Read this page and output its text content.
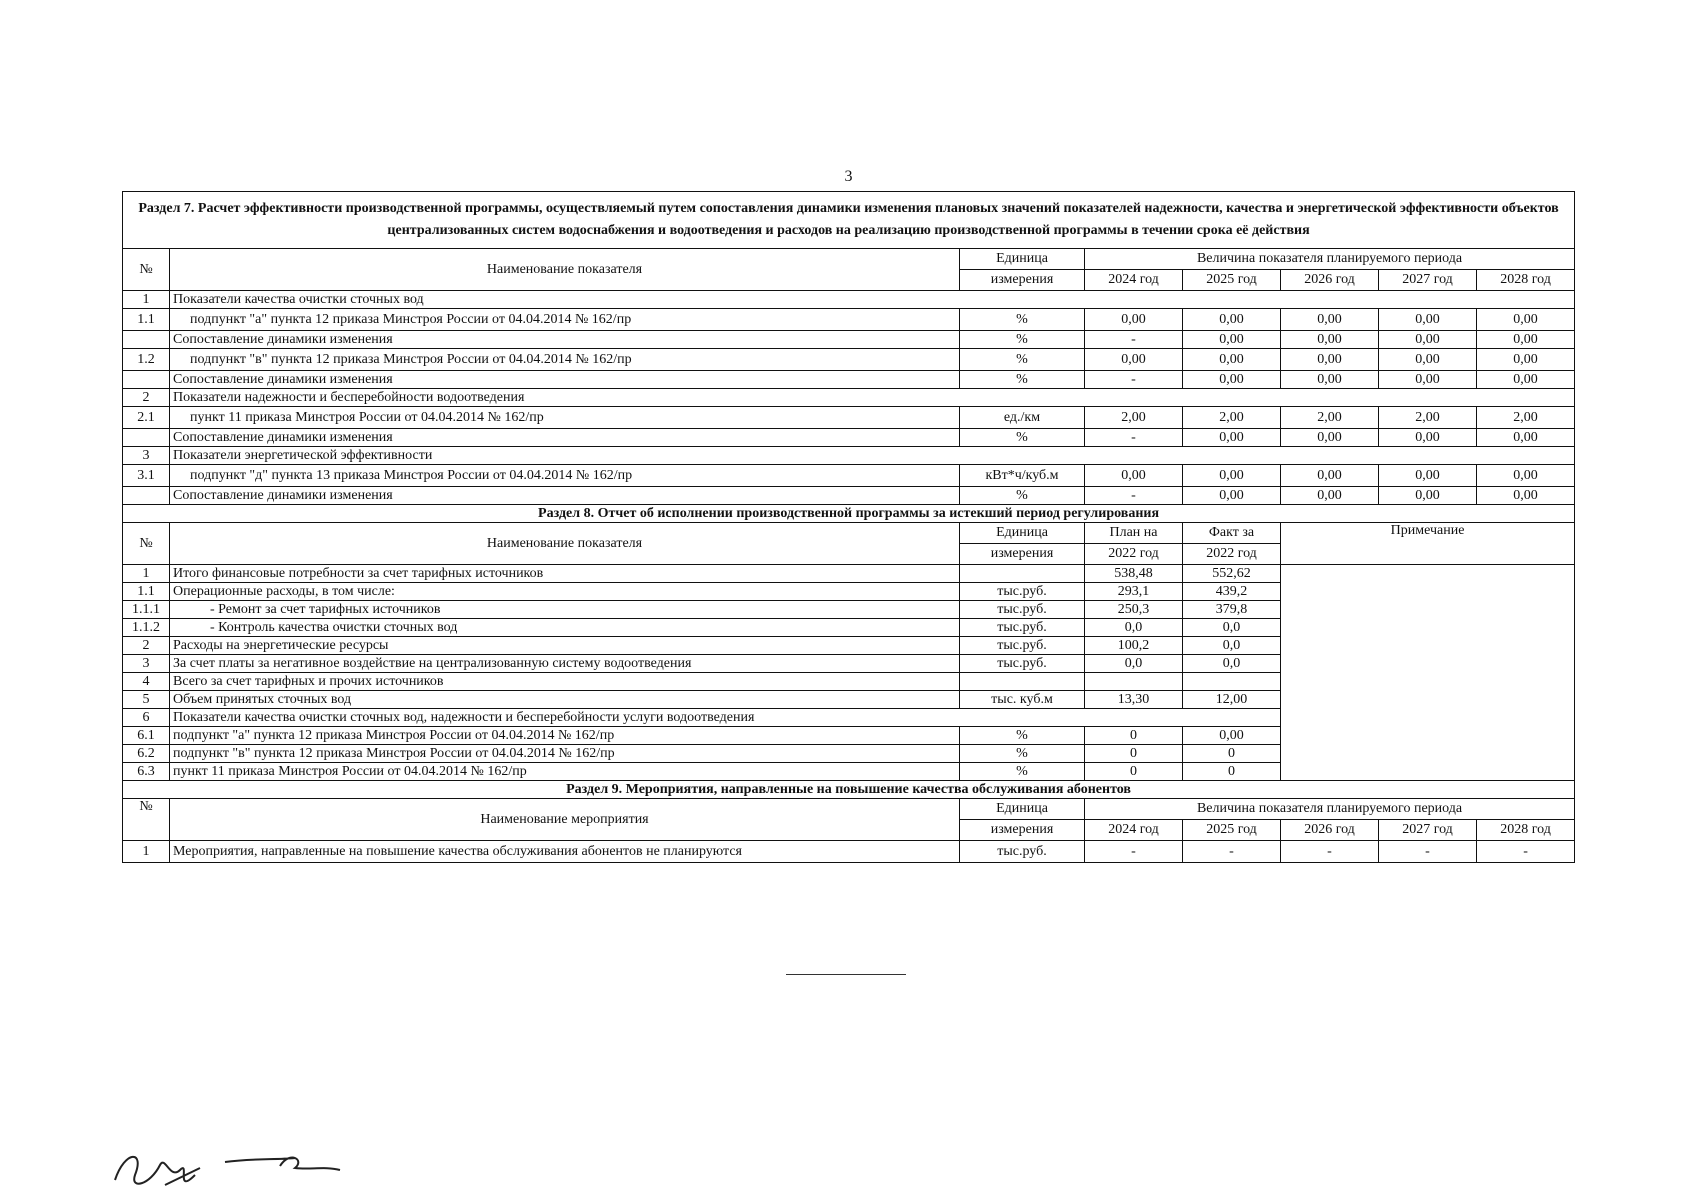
3
Раздел 7. Расчет эффективности производственной программы, осуществляемый путем сопоставления динамики изменения плановых значений показателей надежности, качества и энергетической эффективности объектов централизованных систем водоснабжения и водоотведения и расходов на реализацию производственной программы в течении срока её действия							
№	Наименование показателя	Единица	Величина показателя планируемого периода				
		измерения	2024 год	2025 год	2026 год	2027 год	2028 год
1	Показатели качества очистки сточных вод						
1.1	подпункт "а" пункта 12 приказа Минстроя России от 04.04.2014 № 162/пр	%	0,00	0,00	0,00	0,00	0,00
	Сопоставление динамики изменения	%	-	0,00	0,00	0,00	0,00
1.2	подпункт "в" пункта 12 приказа Минстроя России от 04.04.2014 № 162/пр	%	0,00	0,00	0,00	0,00	0,00
	Сопоставление динамики изменения	%	-	0,00	0,00	0,00	0,00
2	Показатели надежности и бесперебойности водоотведения						
2.1	пункт 11 приказа Минстроя России от 04.04.2014 № 162/пр	ед./км	2,00	2,00	2,00	2,00	2,00
	Сопоставление динамики изменения	%	-	0,00	0,00	0,00	0,00
3	Показатели энергетической эффективности						
3.1	подпункт "д" пункта 13 приказа Минстроя России от 04.04.2014 № 162/пр	кВт*ч/куб.м	0,00	0,00	0,00	0,00	0,00
	Сопоставление динамики изменения	%	-	0,00	0,00	0,00	0,00
Раздел 8. Отчет об исполнении производственной программы за истекший период регулирования							
№	Наименование показателя	Единица	План на	Факт за	Примечание		
		измерения	2022 год	2022 год			
1	Итого финансовые потребности за счет тарифных источников		538,48	552,62			
1.1	Операционные расходы, в том числе:	тыс.руб.	293,1	439,2			
1.1.1	- Ремонт за счет тарифных источников	тыс.руб.	250,3	379,8			
1.1.2	- Контроль качества очистки сточных вод	тыс.руб.	0,0	0,0			
2	Расходы на энергетические ресурсы	тыс.руб.	100,2	0,0			
3	За счет платы за негативное воздействие на централизованную систему водоотведения	тыс.руб.	0,0	0,0			
4	Всего за счет тарифных и прочих источников						
5	Объем принятых сточных вод	тыс. куб.м	13,30	12,00			
6	Показатели качества очистки сточных вод, надежности и бесперебойности услуги водоотведения						
6.1	подпункт "а" пункта 12 приказа Минстроя России от 04.04.2014 № 162/пр	%	0	0,00			
6.2	подпункт "в" пункта 12 приказа Минстроя России от 04.04.2014 № 162/пр	%	0	0			
6.3	пункт 11 приказа Минстроя России от 04.04.2014 № 162/пр	%	0	0			
Раздел 9. Мероприятия, направленные на повышение качества обслуживания абонентов							
№	Наименование мероприятия	Единица	Величина показателя планируемого периода				
		измерения	2024 год	2025 год	2026 год	2027 год	2028 год
1	Мероприятия, направленные на повышение качества обслуживания абонентов не планируются	тыс.руб.	-	-	-	-	-
